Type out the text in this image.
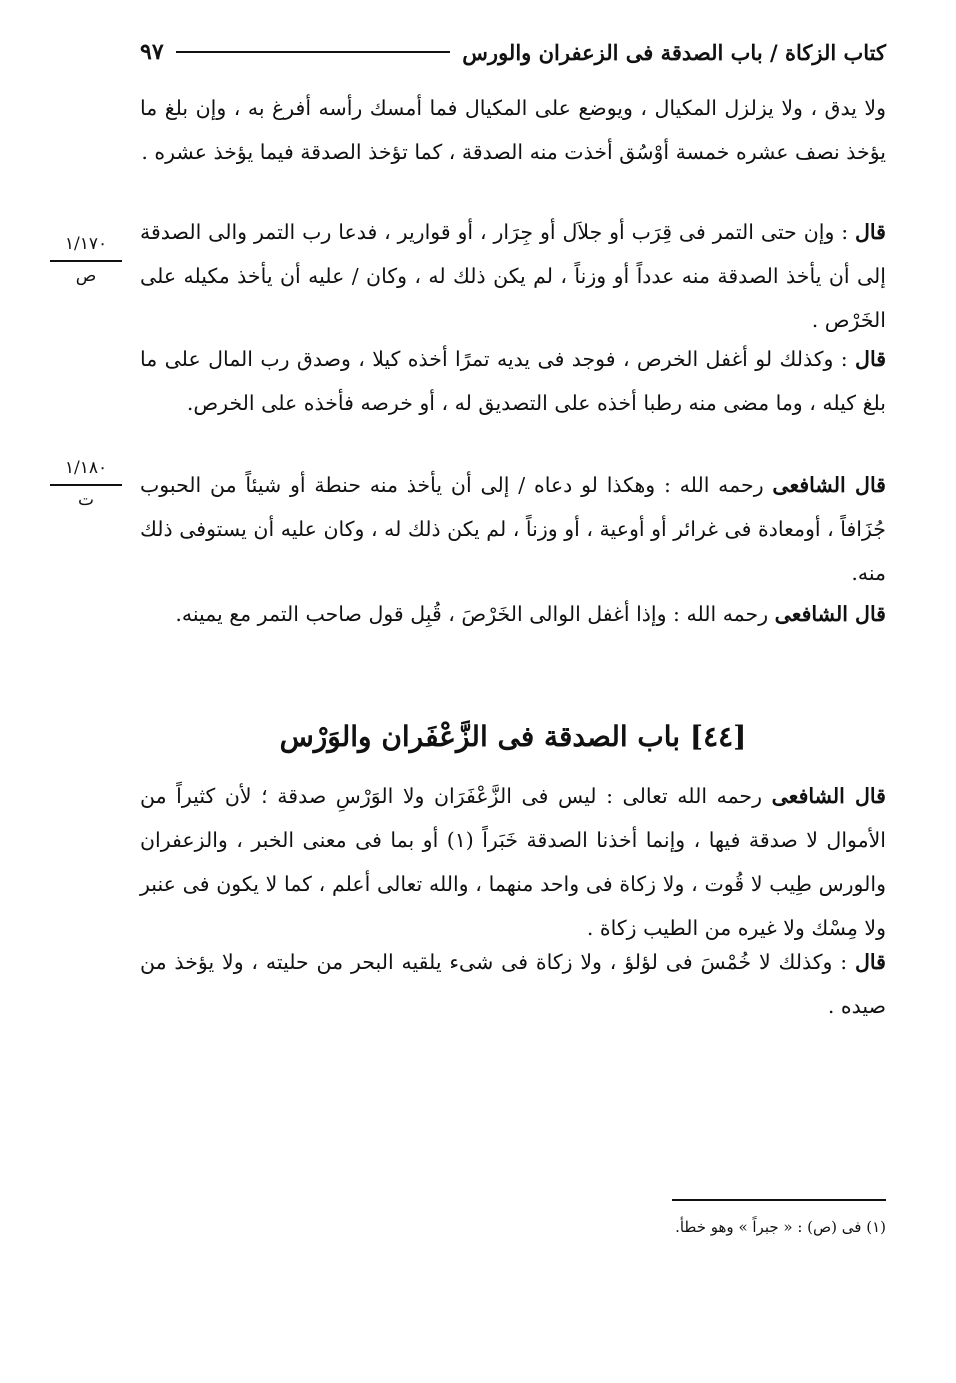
كتاب الزكاة / باب الصدقة فى الزعفران والورس
٩٧
١/١٧٠
ص
١/١٨٠
ت

ولا يدق ، ولا يزلزل المكيال ، ويوضع على المكيال فما أمسك رأسه أفرغ به ، وإن بلغ ما يؤخذ نصف عشره خمسة أوْسُق أخذت منه الصدقة ، كما تؤخذ الصدقة فيما يؤخذ عشره .

قال : وإن حتى التمر فى قِرَب أو جلاَل أو جِرَار ، أو قوارير ، فدعا رب التمر والى الصدقة إلى أن يأخذ الصدقة منه عدداً أو وزناً ، لم يكن ذلك له ، وكان / عليه أن يأخذ مكيله على الخَرْص .

قال : وكذلك لو أغفل الخرص ، فوجد فى يديه تمرًا أخذه كيلا ، وصدق رب المال على ما بلغ كيله ، وما مضى منه رطبا أخذه على التصديق له ، أو خرصه فأخذه على الخرص.

قال الشافعى رحمه الله : وهكذا لو دعاه / إلى أن يأخذ منه حنطة أو شيئاً من الحبوب جُزَافاً ، أومعادة فى غرائر أو أوعية ، أو وزناً ، لم يكن ذلك له ، وكان عليه أن يستوفى ذلك منه.

قال الشافعى رحمه الله : وإذا أغفل الوالى الخَرْصَ ، قُبِل قول صاحب التمر مع يمينه.

[٤٤] باب الصدقة فى الزَّعْفَران والوَرْس

قال الشافعى رحمه الله تعالى : ليس فى الزَّعْفَرَان ولا الوَرْسِ صدقة ؛ لأن كثيراً من الأموال لا صدقة فيها ، وإنما أخذنا الصدقة خَبَراً (١) أو بما فى معنى الخبر ، والزعفران والورس طِيب لا قُوت ، ولا زكاة فى واحد منهما ، والله تعالى أعلم ، كما لا يكون فى عنبر ولا مِسْك ولا غيره من الطيب زكاة .

قال : وكذلك لا خُمْسَ فى لؤلؤ ، ولا زكاة فى شىء يلقيه البحر من حليته ، ولا يؤخذ من صيده .

(١) فى (ص) : « جبراً » وهو خطأ.
